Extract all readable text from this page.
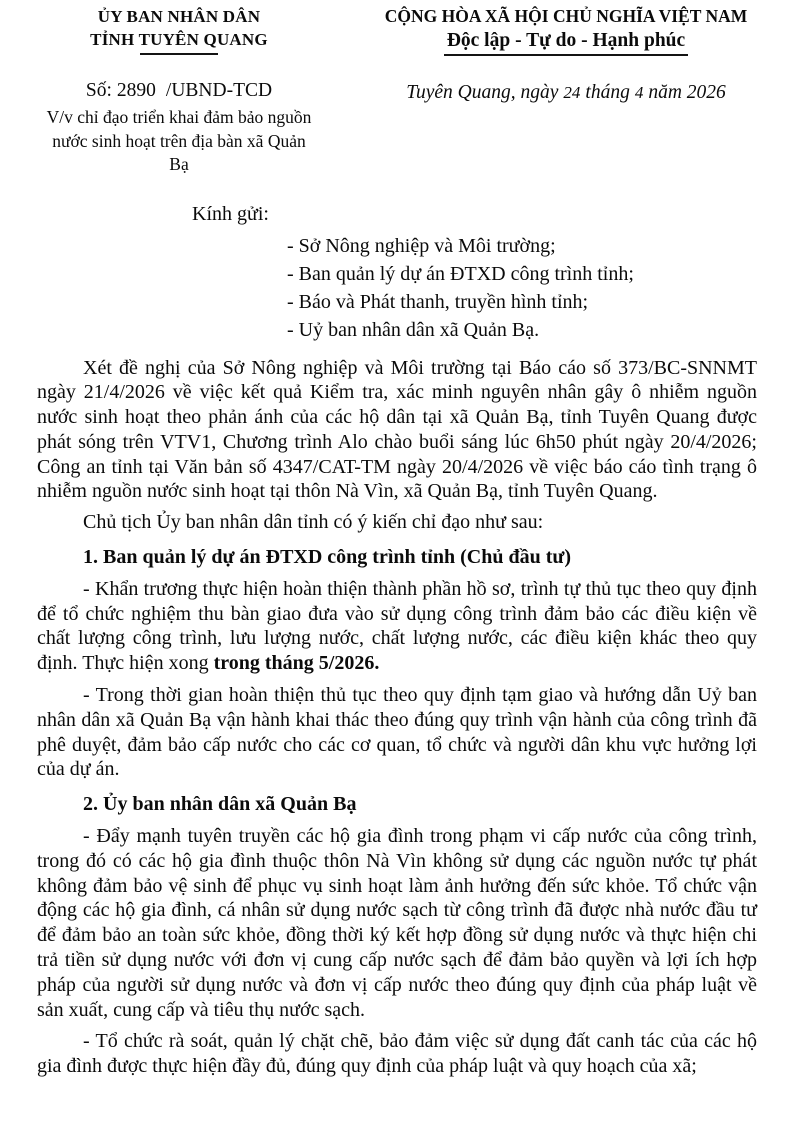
ỦY BAN NHÂN DÂN
TỈNH TUYÊN QUANG
Số: 2890 /UBND-TCD
V/v chỉ đạo triển khai đảm bảo nguồn nước sinh hoạt trên địa bàn xã Quản Bạ
CỘNG HÒA XÃ HỘI CHỦ NGHĨA VIỆT NAM
Độc lập - Tự do - Hạnh phúc
Tuyên Quang, ngày 24 tháng 4 năm 2026
Kính gửi:
- Sở Nông nghiệp và Môi trường;
- Ban quản lý dự án ĐTXD công trình tỉnh;
- Báo và Phát thanh, truyền hình tỉnh;
- Uỷ ban nhân dân xã Quản Bạ.

Xét đề nghị của Sở Nông nghiệp và Môi trường tại Báo cáo số 373/BC-SNNMT ngày 21/4/2026 về việc kết quả Kiểm tra, xác minh nguyên nhân gây ô nhiễm nguồn nước sinh hoạt theo phản ánh của các hộ dân tại xã Quản Bạ, tỉnh Tuyên Quang được phát sóng trên VTV1, Chương trình Alo chào buổi sáng lúc 6h50 phút ngày 20/4/2026; Công an tỉnh tại Văn bản số 4347/CAT-TM ngày 20/4/2026 về việc báo cáo tình trạng ô nhiễm nguồn nước sinh hoạt tại thôn Nà Vìn, xã Quản Bạ, tỉnh Tuyên Quang.

Chủ tịch Ủy ban nhân dân tỉnh có ý kiến chỉ đạo như sau:

1. Ban quản lý dự án ĐTXD công trình tỉnh (Chủ đầu tư)

- Khẩn trương thực hiện hoàn thiện thành phần hồ sơ, trình tự thủ tục theo quy định để tổ chức nghiệm thu bàn giao đưa vào sử dụng công trình đảm bảo các điều kiện về chất lượng công trình, lưu lượng nước, chất lượng nước, các điều kiện khác theo quy định. Thực hiện xong trong tháng 5/2026.

- Trong thời gian hoàn thiện thủ tục theo quy định tạm giao và hướng dẫn Uỷ ban nhân dân xã Quản Bạ vận hành khai thác theo đúng quy trình vận hành của công trình đã phê duyệt, đảm bảo cấp nước cho các cơ quan, tổ chức và người dân khu vực hưởng lợi của dự án.

2. Ủy ban nhân dân xã Quản Bạ

- Đẩy mạnh tuyên truyền các hộ gia đình trong phạm vi cấp nước của công trình, trong đó có các hộ gia đình thuộc thôn Nà Vìn không sử dụng các nguồn nước tự phát không đảm bảo vệ sinh để phục vụ sinh hoạt làm ảnh hưởng đến sức khỏe. Tổ chức vận động các hộ gia đình, cá nhân sử dụng nước sạch từ công trình đã được nhà nước đầu tư để đảm bảo an toàn sức khỏe, đồng thời ký kết hợp đồng sử dụng nước và thực hiện chi trả tiền sử dụng nước với đơn vị cung cấp nước sạch để đảm bảo quyền và lợi ích hợp pháp của người sử dụng nước và đơn vị cấp nước theo đúng quy định của pháp luật về sản xuất, cung cấp và tiêu thụ nước sạch.

- Tổ chức rà soát, quản lý chặt chẽ, bảo đảm việc sử dụng đất canh tác của các hộ gia đình được thực hiện đầy đủ, đúng quy định của pháp luật và quy hoạch của xã;
